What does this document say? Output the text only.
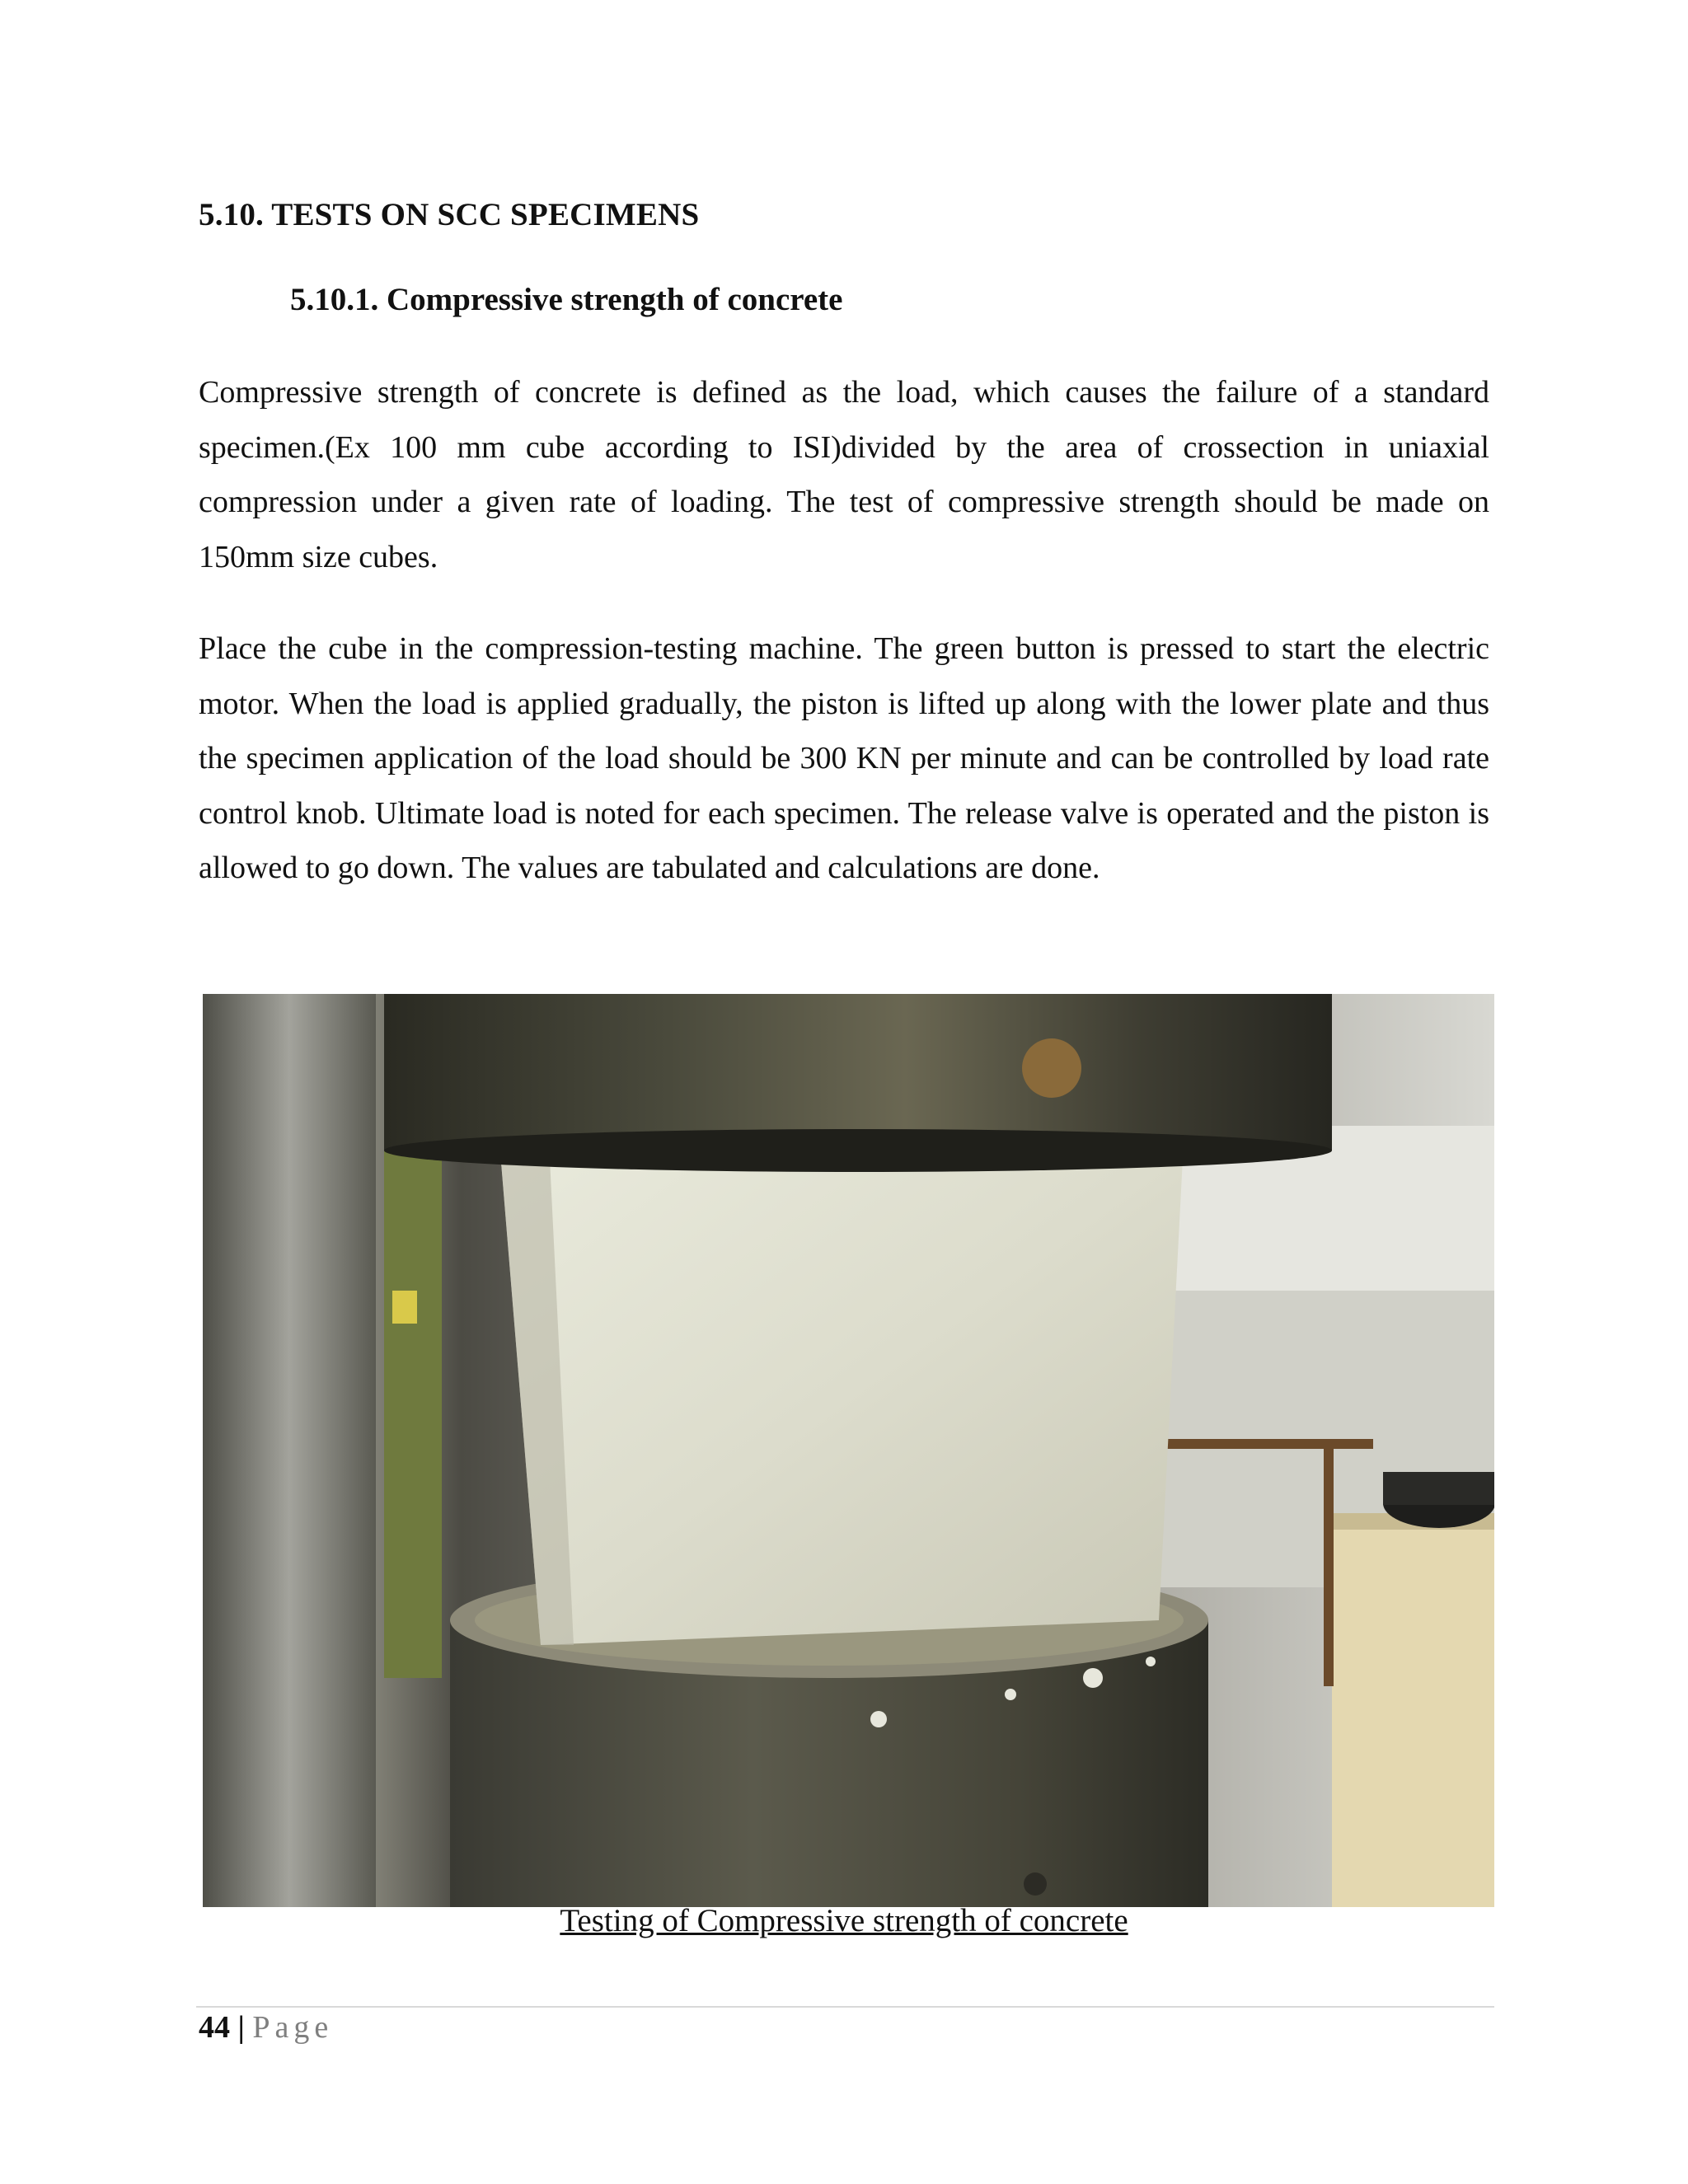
5.10. TESTS ON SCC SPECIMENS
5.10.1. Compressive strength of concrete

Compressive strength of concrete is defined as the load, which causes the failure of a standard specimen.(Ex 100 mm cube according to ISI)divided by the area of crossection in uniaxial compression under a given rate of loading. The test of compressive strength should be made on 150mm size cubes.

Place the cube in the compression-testing machine. The green button is pressed to start the electric motor. When the load is applied gradually, the piston is lifted up along with the lower plate and thus the specimen application of the load should be 300 KN per minute and can be controlled by load rate control knob. Ultimate load is noted for each specimen. The release valve is operated and the piston is allowed to go down. The values are tabulated and calculations are done.

Testing of Compressive strength of concrete
44 | Page
